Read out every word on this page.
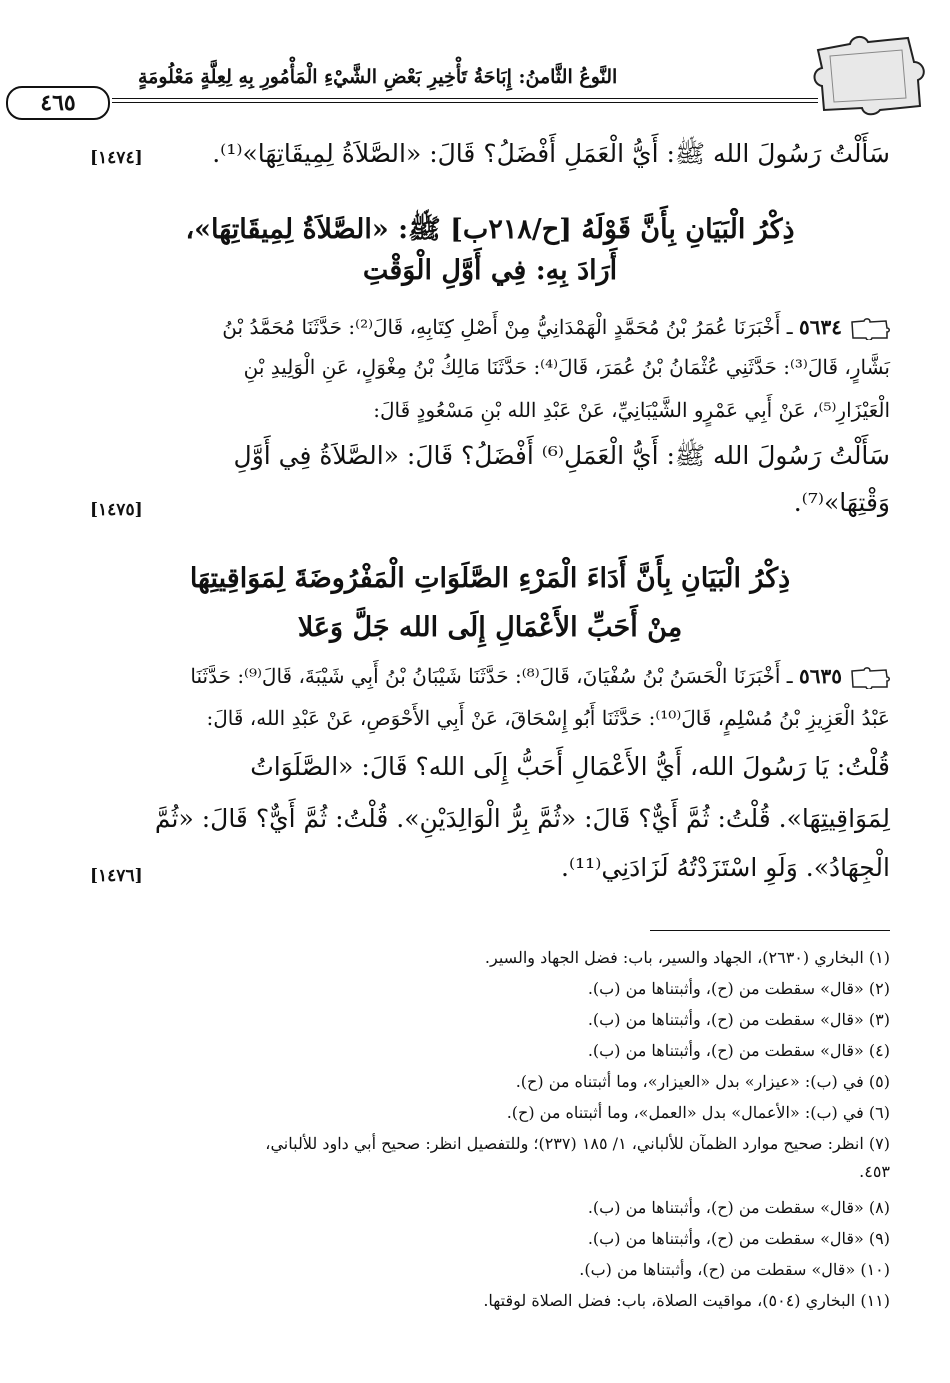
النَّوعُ الثَّامنُ: إِبَاحَةُ تَأْخِيرِ بَعْضِ الشَّيْءِ الْمَأْمُورِ بِهِ لِعِلَّةٍ مَعْلُومَةٍ
٤٦٥
سَأَلْتُ رَسُولَ الله ﷺ: أَيُّ الْعَمَلِ أَفْضَلُ؟ قَالَ: «الصَّلاَةُ لِمِيقَاتِهَا»⁽¹⁾.
[١٤٧٤]
ذِكْرُ الْبَيَانِ بِأَنَّ قَوْلَهُ [ح/٢١٨ب] ﷺ: «الصَّلاَةُ لِمِيقَاتِهَا»،
أَرَادَ بِهِ: فِي أَوَّلِ الْوَقْتِ
٥٦٣٤ ـ أَخْبَرَنَا عُمَرُ بْنُ مُحَمَّدٍ الْهَمْدَانِيُّ مِنْ أَصْلِ كِتَابِهِ، قَالَ⁽²⁾: حَدَّثَنَا مُحَمَّدُ بْنُ
بَشَّارٍ، قَالَ⁽³⁾: حَدَّثَنِي عُثْمَانُ بْنُ عُمَرَ، قَالَ⁽⁴⁾: حَدَّثَنَا مَالِكُ بْنُ مِغْوَلٍ، عَنِ الْوَلِيدِ بْنِ
الْعَيْزَارِ⁽⁵⁾، عَنْ أَبِي عَمْرٍو الشَّيْبَانِيِّ، عَنْ عَبْدِ الله بْنِ مَسْعُودٍ قَالَ:
سَأَلْتُ رَسُولَ الله ﷺ: أَيُّ الْعَمَلِ⁽⁶⁾ أَفْضَلُ؟ قَالَ: «الصَّلاَةُ فِي أَوَّلِ
وَقْتِهَا»⁽⁷⁾.
[١٤٧٥]
ذِكْرُ الْبَيَانِ بِأَنَّ أَدَاءَ الْمَرْءِ الصَّلَوَاتِ الْمَفْرُوضَةَ لِمَوَاقِيتِهَا
مِنْ أَحَبِّ الأَعْمَالِ إِلَى الله جَلَّ وَعَلا
٥٦٣٥ ـ أَخْبَرَنَا الْحَسَنُ بْنُ سُفْيَانَ، قَالَ⁽⁸⁾: حَدَّثَنَا شَيْبَانُ بْنُ أَبِي شَيْبَةَ، قَالَ⁽⁹⁾: حَدَّثَنَا
عَبْدُ الْعَزِيزِ بْنُ مُسْلِمٍ، قَالَ⁽¹⁰⁾: حَدَّثَنَا أَبُو إِسْحَاقَ، عَنْ أَبِي الأَحْوَصِ، عَنْ عَبْدِ الله، قَالَ:
قُلْتُ: يَا رَسُولَ الله، أَيُّ الأَعْمَالِ أَحَبُّ إِلَى الله؟ قَالَ: «الصَّلَوَاتُ
لِمَوَاقِيتِهَا». قُلْتُ: ثُمَّ أَيٌّ؟ قَالَ: «ثُمَّ بِرُّ الْوَالِدَيْنِ». قُلْتُ: ثُمَّ أَيٌّ؟ قَالَ: «ثُمَّ
الْجِهَادُ». وَلَوِ اسْتَزَدْتُهُ لَزَادَنِي⁽¹¹⁾.
[١٤٧٦]
(١) البخاري (٢٦٣٠)، الجهاد والسير، باب: فضل الجهاد والسير.
(٢) «قال» سقطت من (ح)، وأثبتناها من (ب).
(٣) «قال» سقطت من (ح)، وأثبتناها من (ب).
(٤) «قال» سقطت من (ح)، وأثبتناها من (ب).
(٥) في (ب): «عيزار» بدل «العيزار»، وما أثبتناه من (ح).
(٦) في (ب): «الأعمال» بدل «العمل»، وما أثبتناه من (ح).
(٧) انظر: صحيح موارد الظمآن للألباني، ١/ ١٨٥ (٢٣٧)؛ وللتفصيل انظر: صحيح أبي داود للألباني،
٤٥٣.
(٨) «قال» سقطت من (ح)، وأثبتناها من (ب).
(٩) «قال» سقطت من (ح)، وأثبتناها من (ب).
(١٠) «قال» سقطت من (ح)، وأثبتناها من (ب).
(١١) البخاري (٥٠٤)، مواقيت الصلاة، باب: فضل الصلاة لوقتها.
